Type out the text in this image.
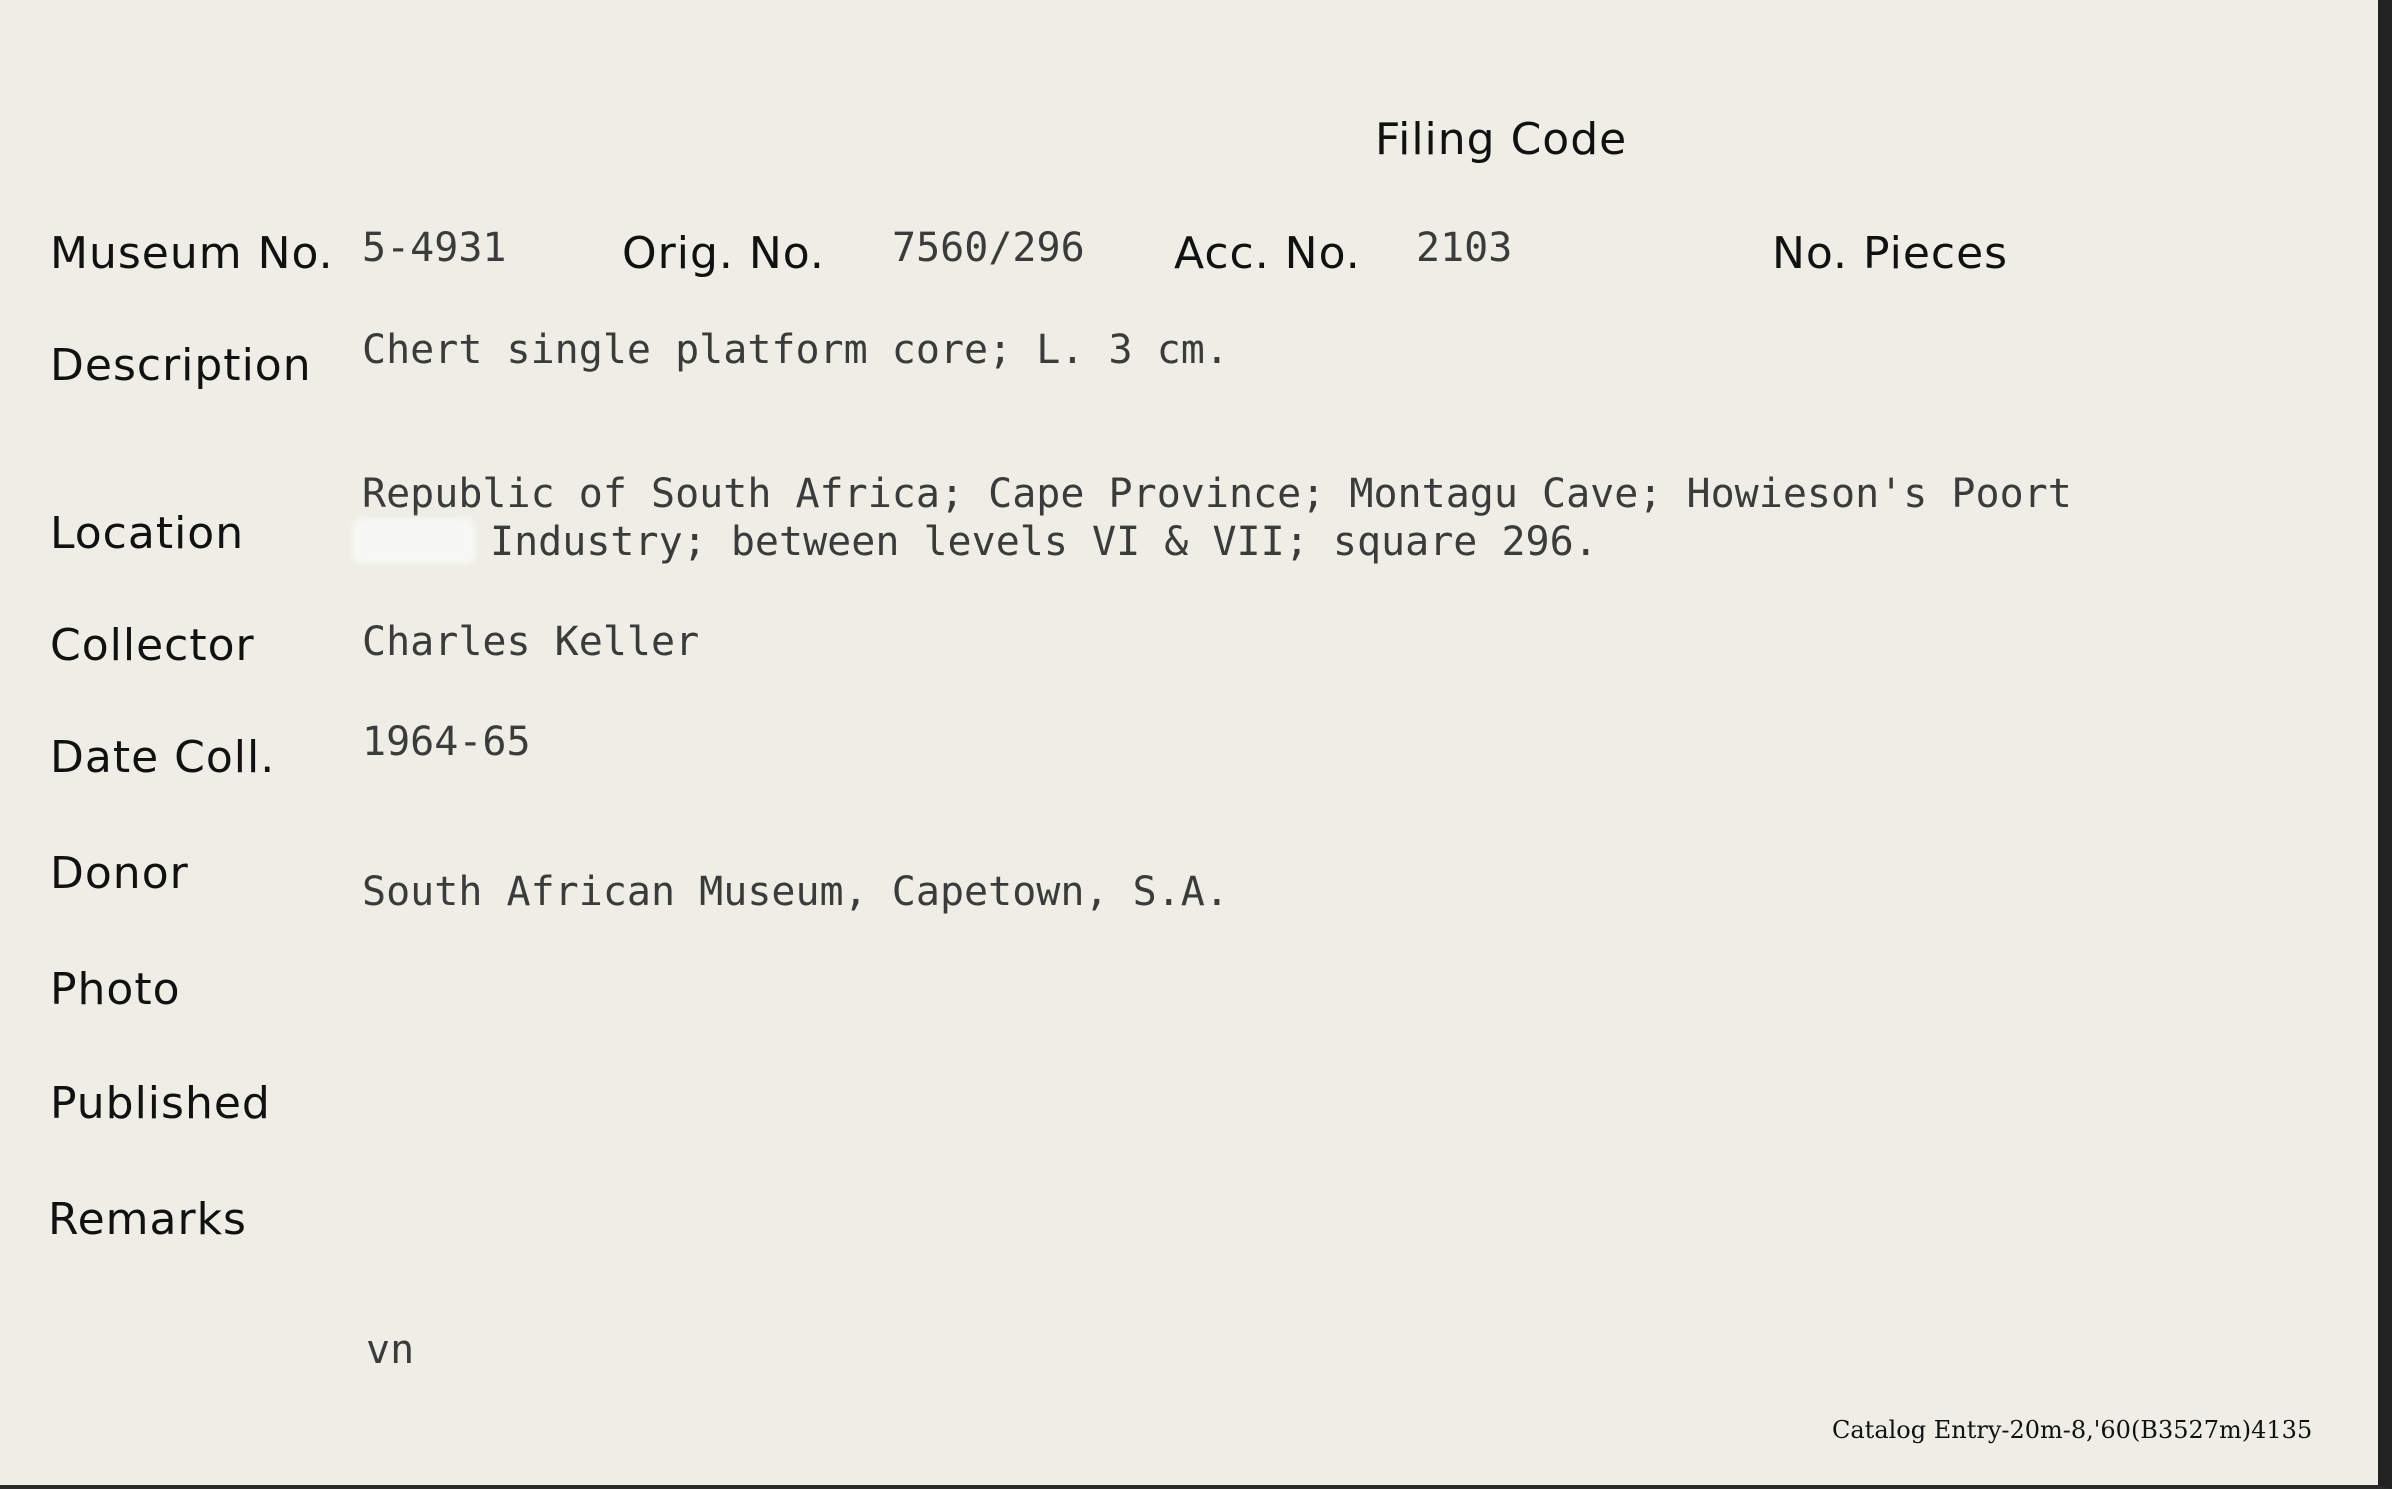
Filing Code
Museum No. 5-4931	Orig. No. 7560/296 Acc. No. 2103	No. Pieces
Description Chert single platform core; L. 3 cm.
Location
Republic of South Africa; Cape Province; Montagu Cave; Howieson's Poort
Industry; between levels VI & VII; square 296.
Collector	Charles Keller
Date Coll. 1964-65
Donor	South African Museum, Capetown, S.A.
Photo
Published
Remarks
vn
Catalog Entry-20m-8,'60(B3527m)4135
